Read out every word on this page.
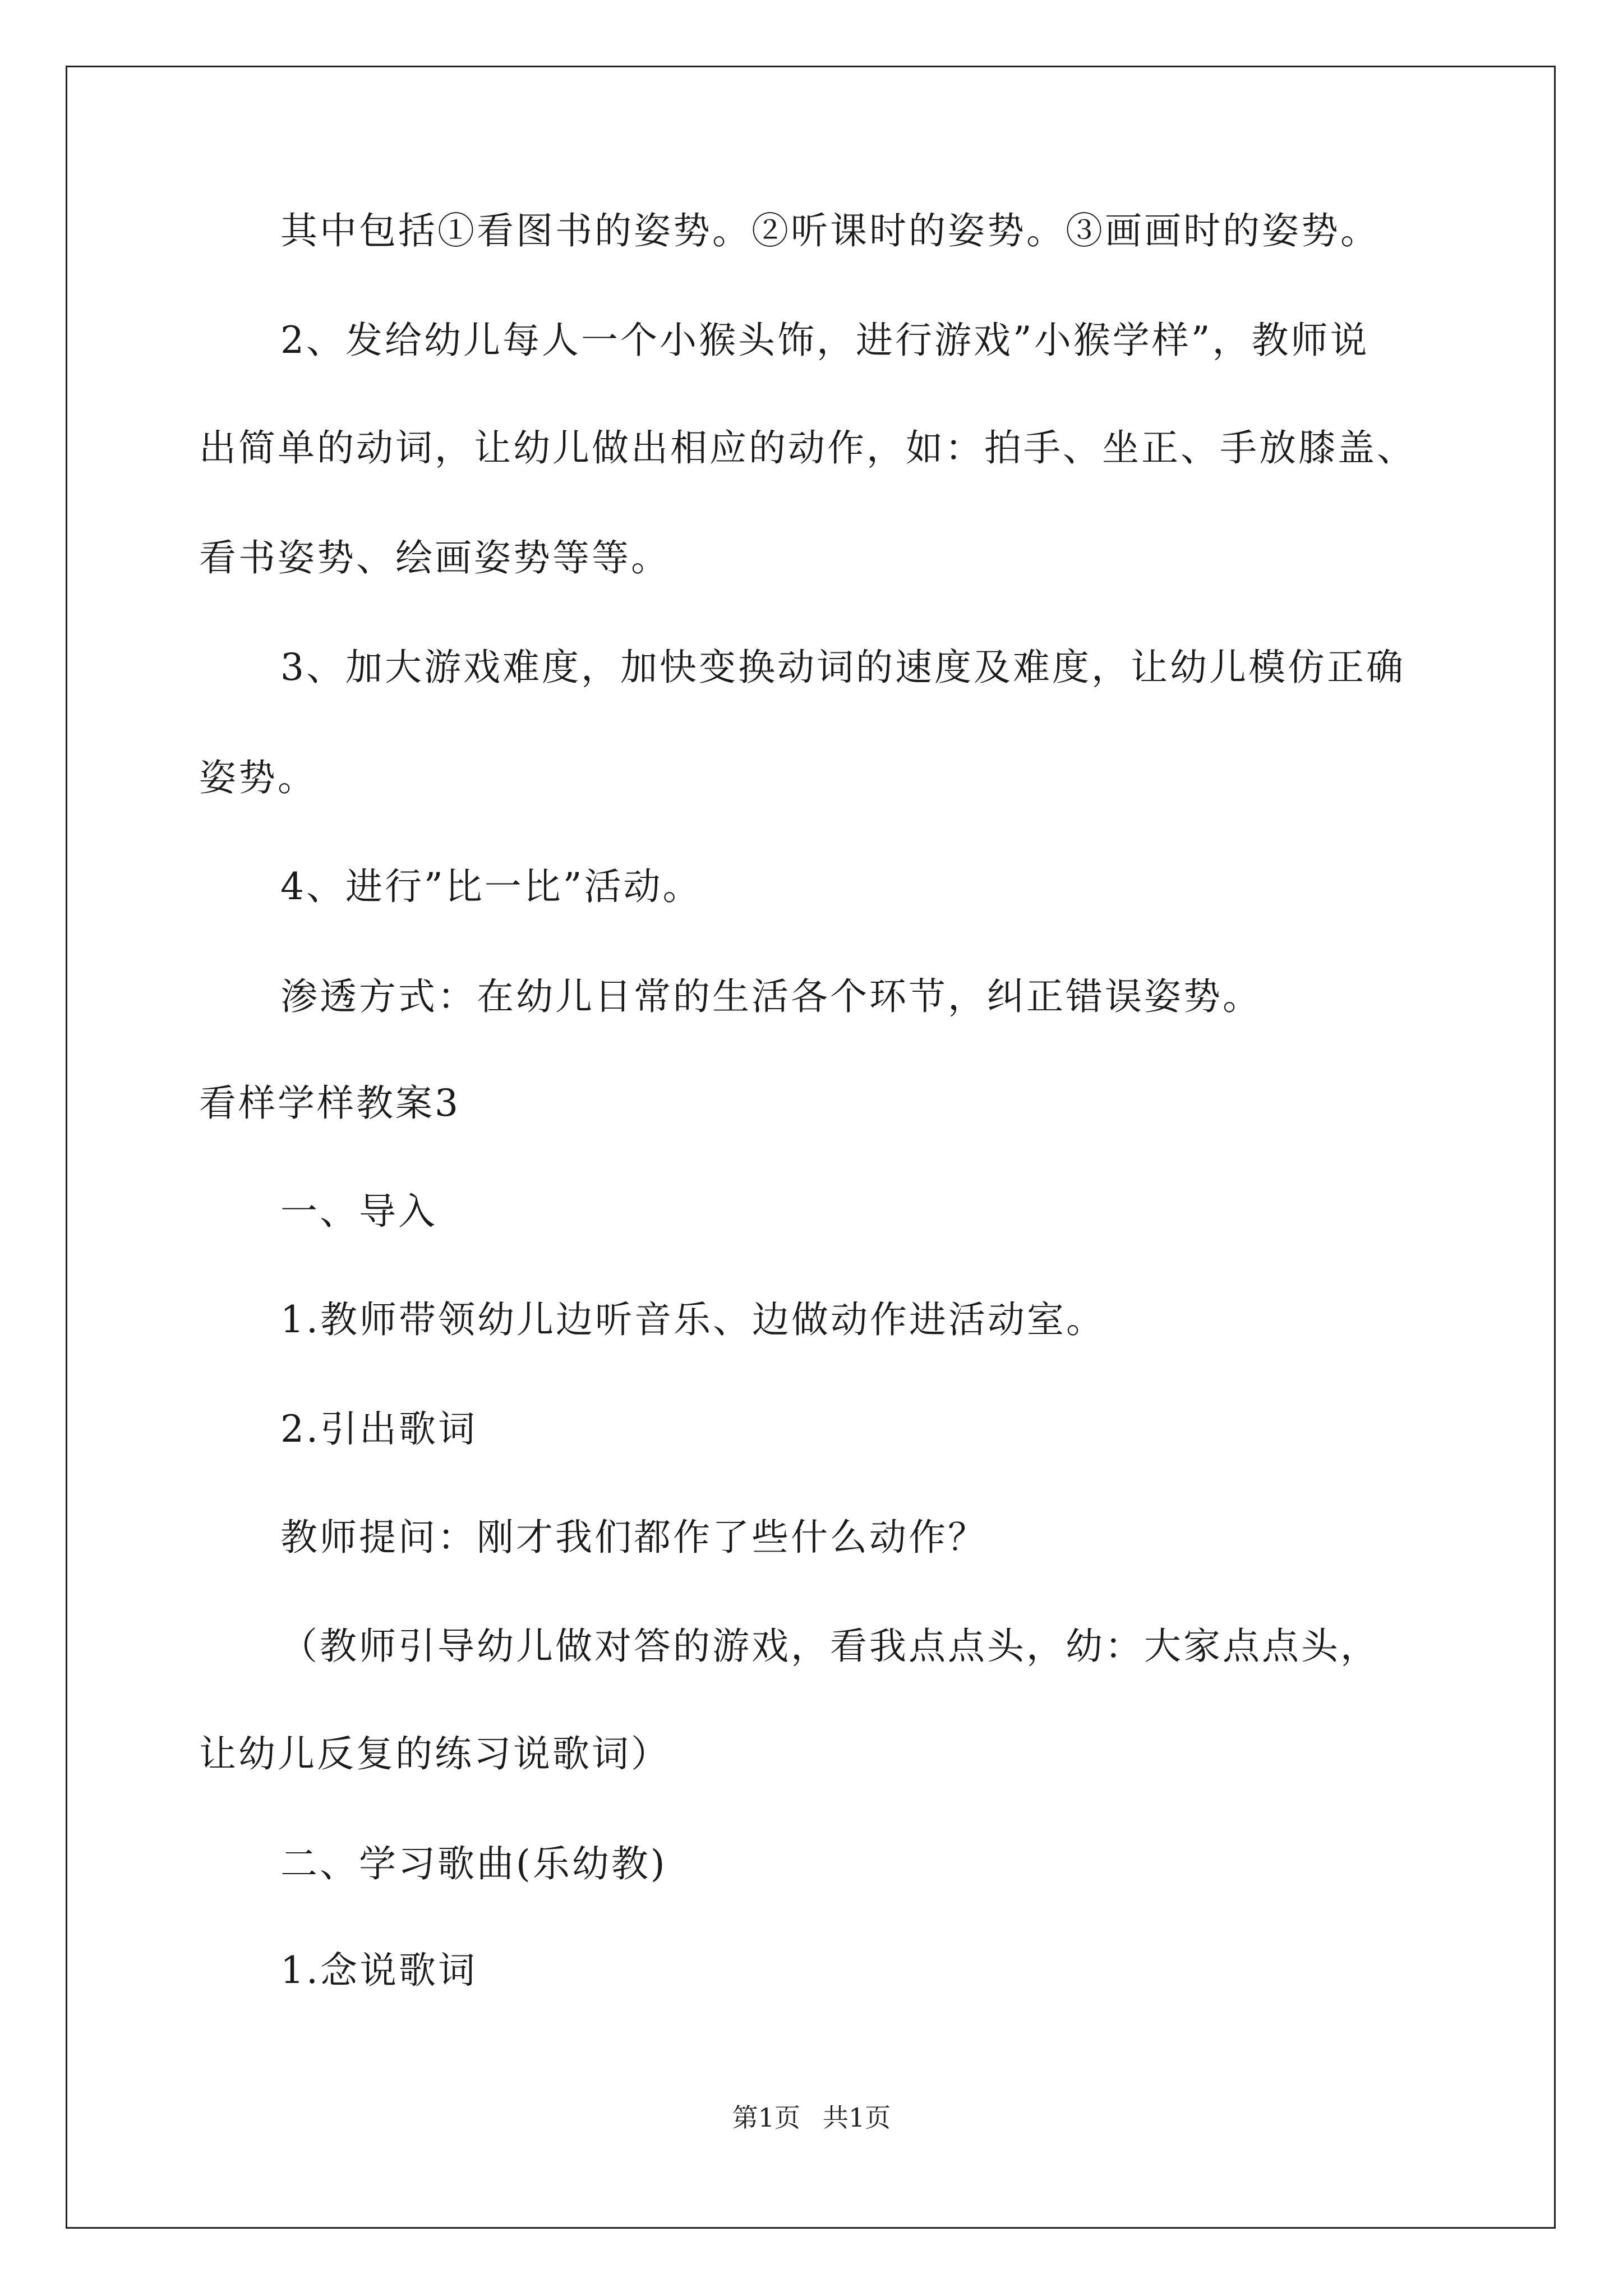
其中包括①看图书的姿势。②听课时的姿势。③画画时的姿势。

2、发给幼儿每人一个小猴头饰，进行游戏”小猴学样”，教师说

出简单的动词，让幼儿做出相应的动作，如：拍手、坐正、手放膝盖、

看书姿势、绘画姿势等等。

3、加大游戏难度，加快变换动词的速度及难度，让幼儿模仿正确

姿势。

4、进行”比一比”活动。

渗透方式：在幼儿日常的生活各个环节，纠正错误姿势。

看样学样教案3

一、导入

1.教师带领幼儿边听音乐、边做动作进活动室。

2.引出歌词

教师提问：刚才我们都作了些什么动作？

（教师引导幼儿做对答的游戏，看我点点头，幼：大家点点头，

让幼儿反复的练习说歌词）

二、学习歌曲(乐幼教)

1.念说歌词

第1页 共1页
